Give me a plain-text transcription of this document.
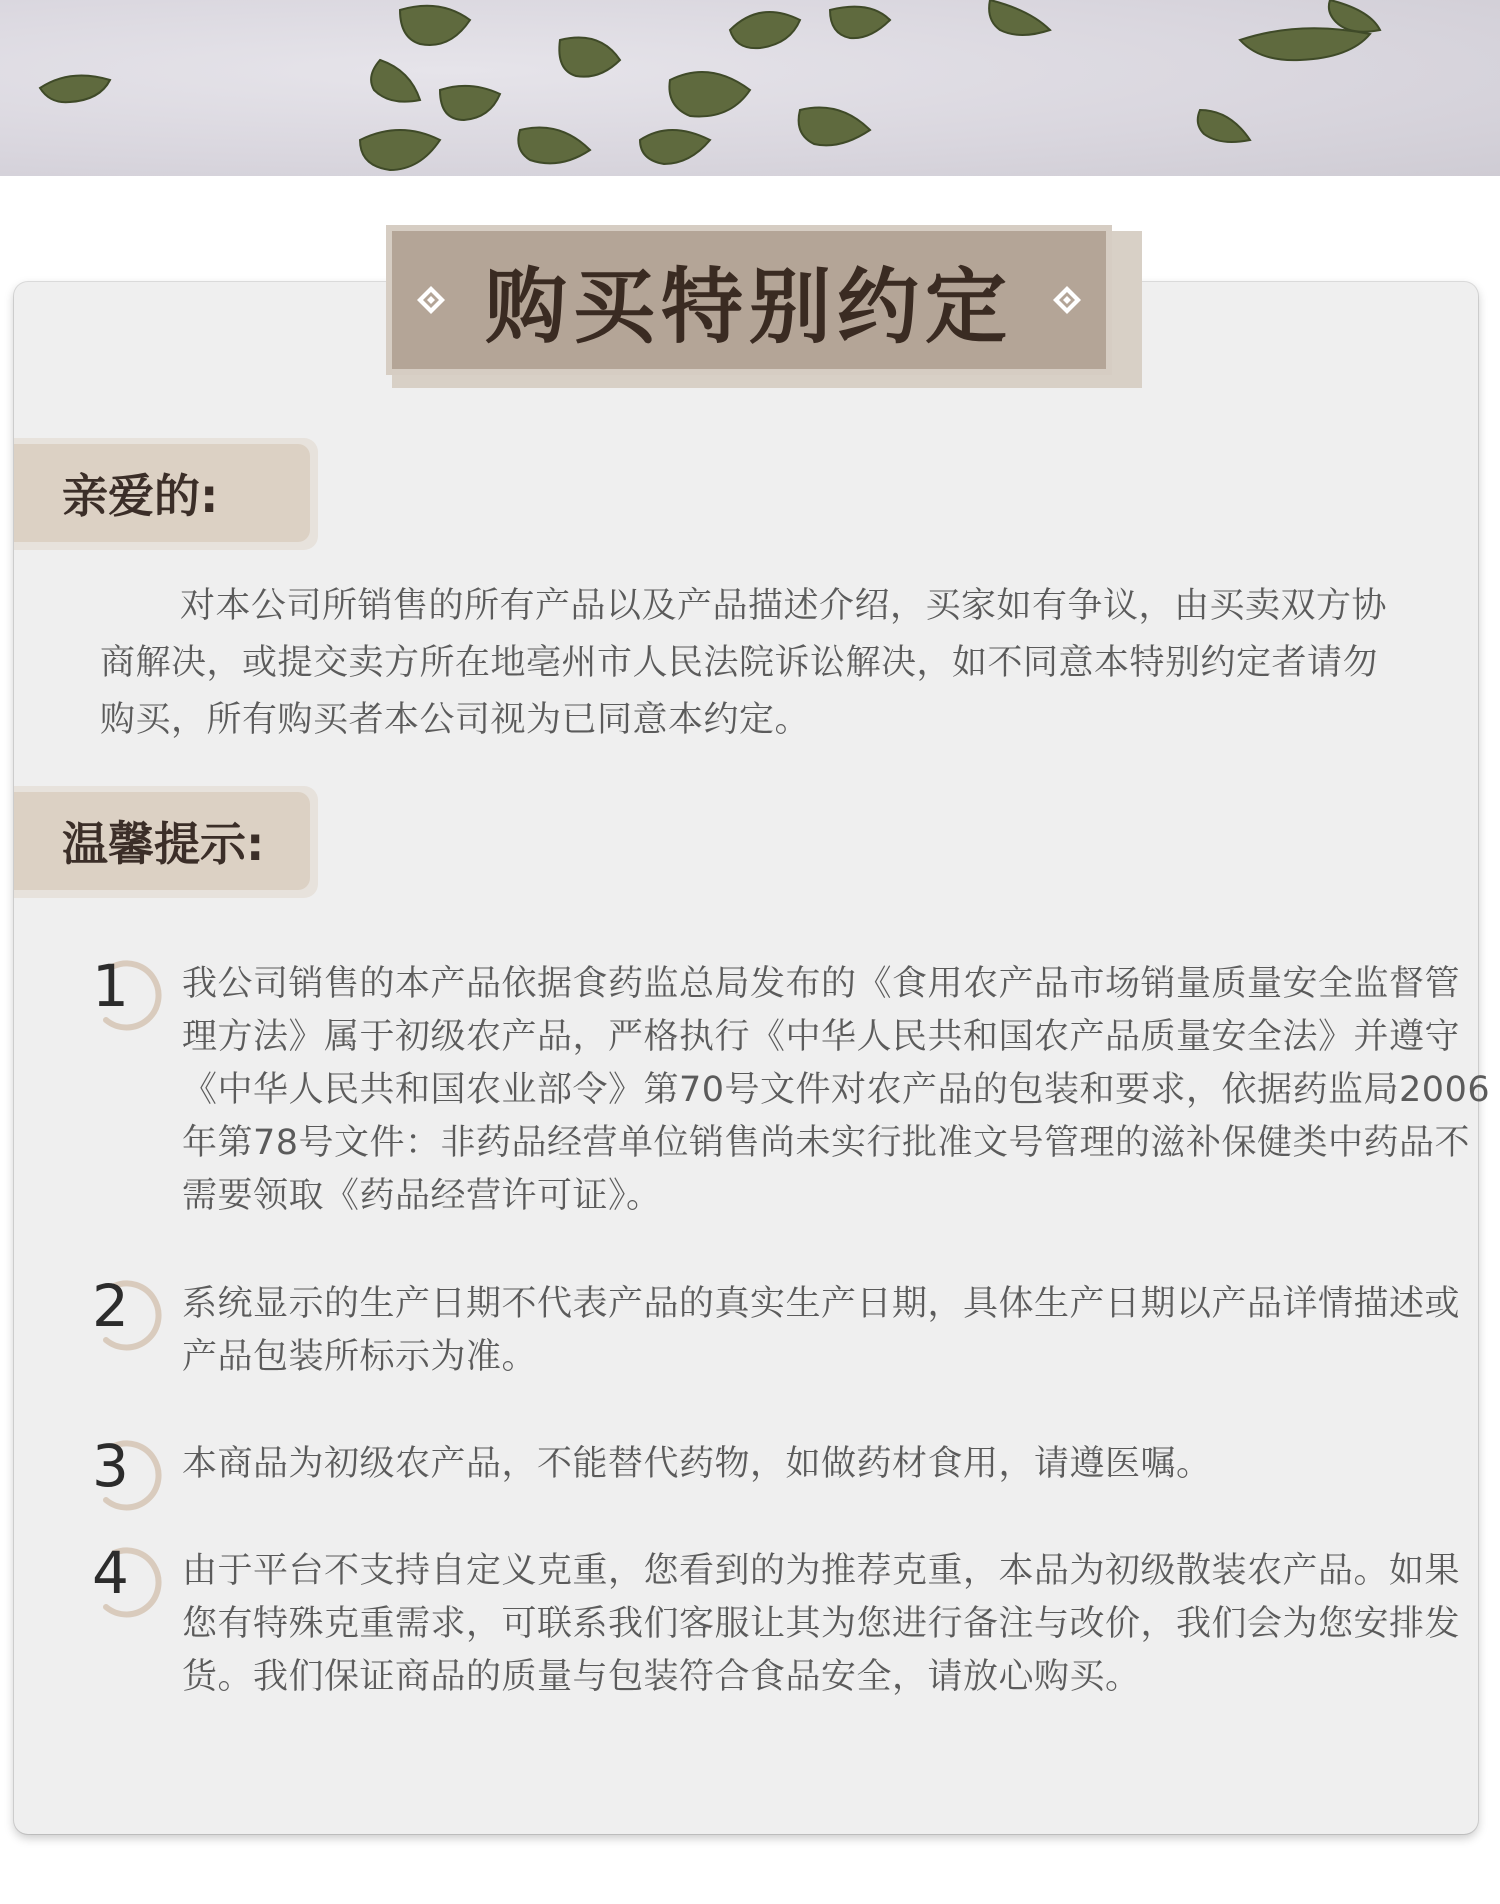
购买特别约定
亲爱的:
对本公司所销售的所有产品以及产品描述介绍，买家如有争议，由买卖双方协商解决，或提交卖方所在地亳州市人民法院诉讼解决，如不同意本特别约定者请勿购买，所有购买者本公司视为已同意本约定。
温馨提示:
1 我公司销售的本产品依据食药监总局发布的《食用农产品市场销量质量安全监督管理方法》属于初级农产品，严格执行《中华人民共和国农产品质量安全法》并遵守《中华人民共和国农业部令》第70号文件对农产品的包装和要求，依据药监局2006年第78号文件：非药品经营单位销售尚未实行批准文号管理的滋补保健类中药品不需要领取《药品经营许可证》。
2 系统显示的生产日期不代表产品的真实生产日期，具体生产日期以产品详情描述或产品包装所标示为准。
3 本商品为初级农产品，不能替代药物，如做药材食用，请遵医嘱。
4 由于平台不支持自定义克重，您看到的为推荐克重，本品为初级散装农产品。如果您有特殊克重需求，可联系我们客服让其为您进行备注与改价，我们会为您安排发货。我们保证商品的质量与包装符合食品安全，请放心购买。
